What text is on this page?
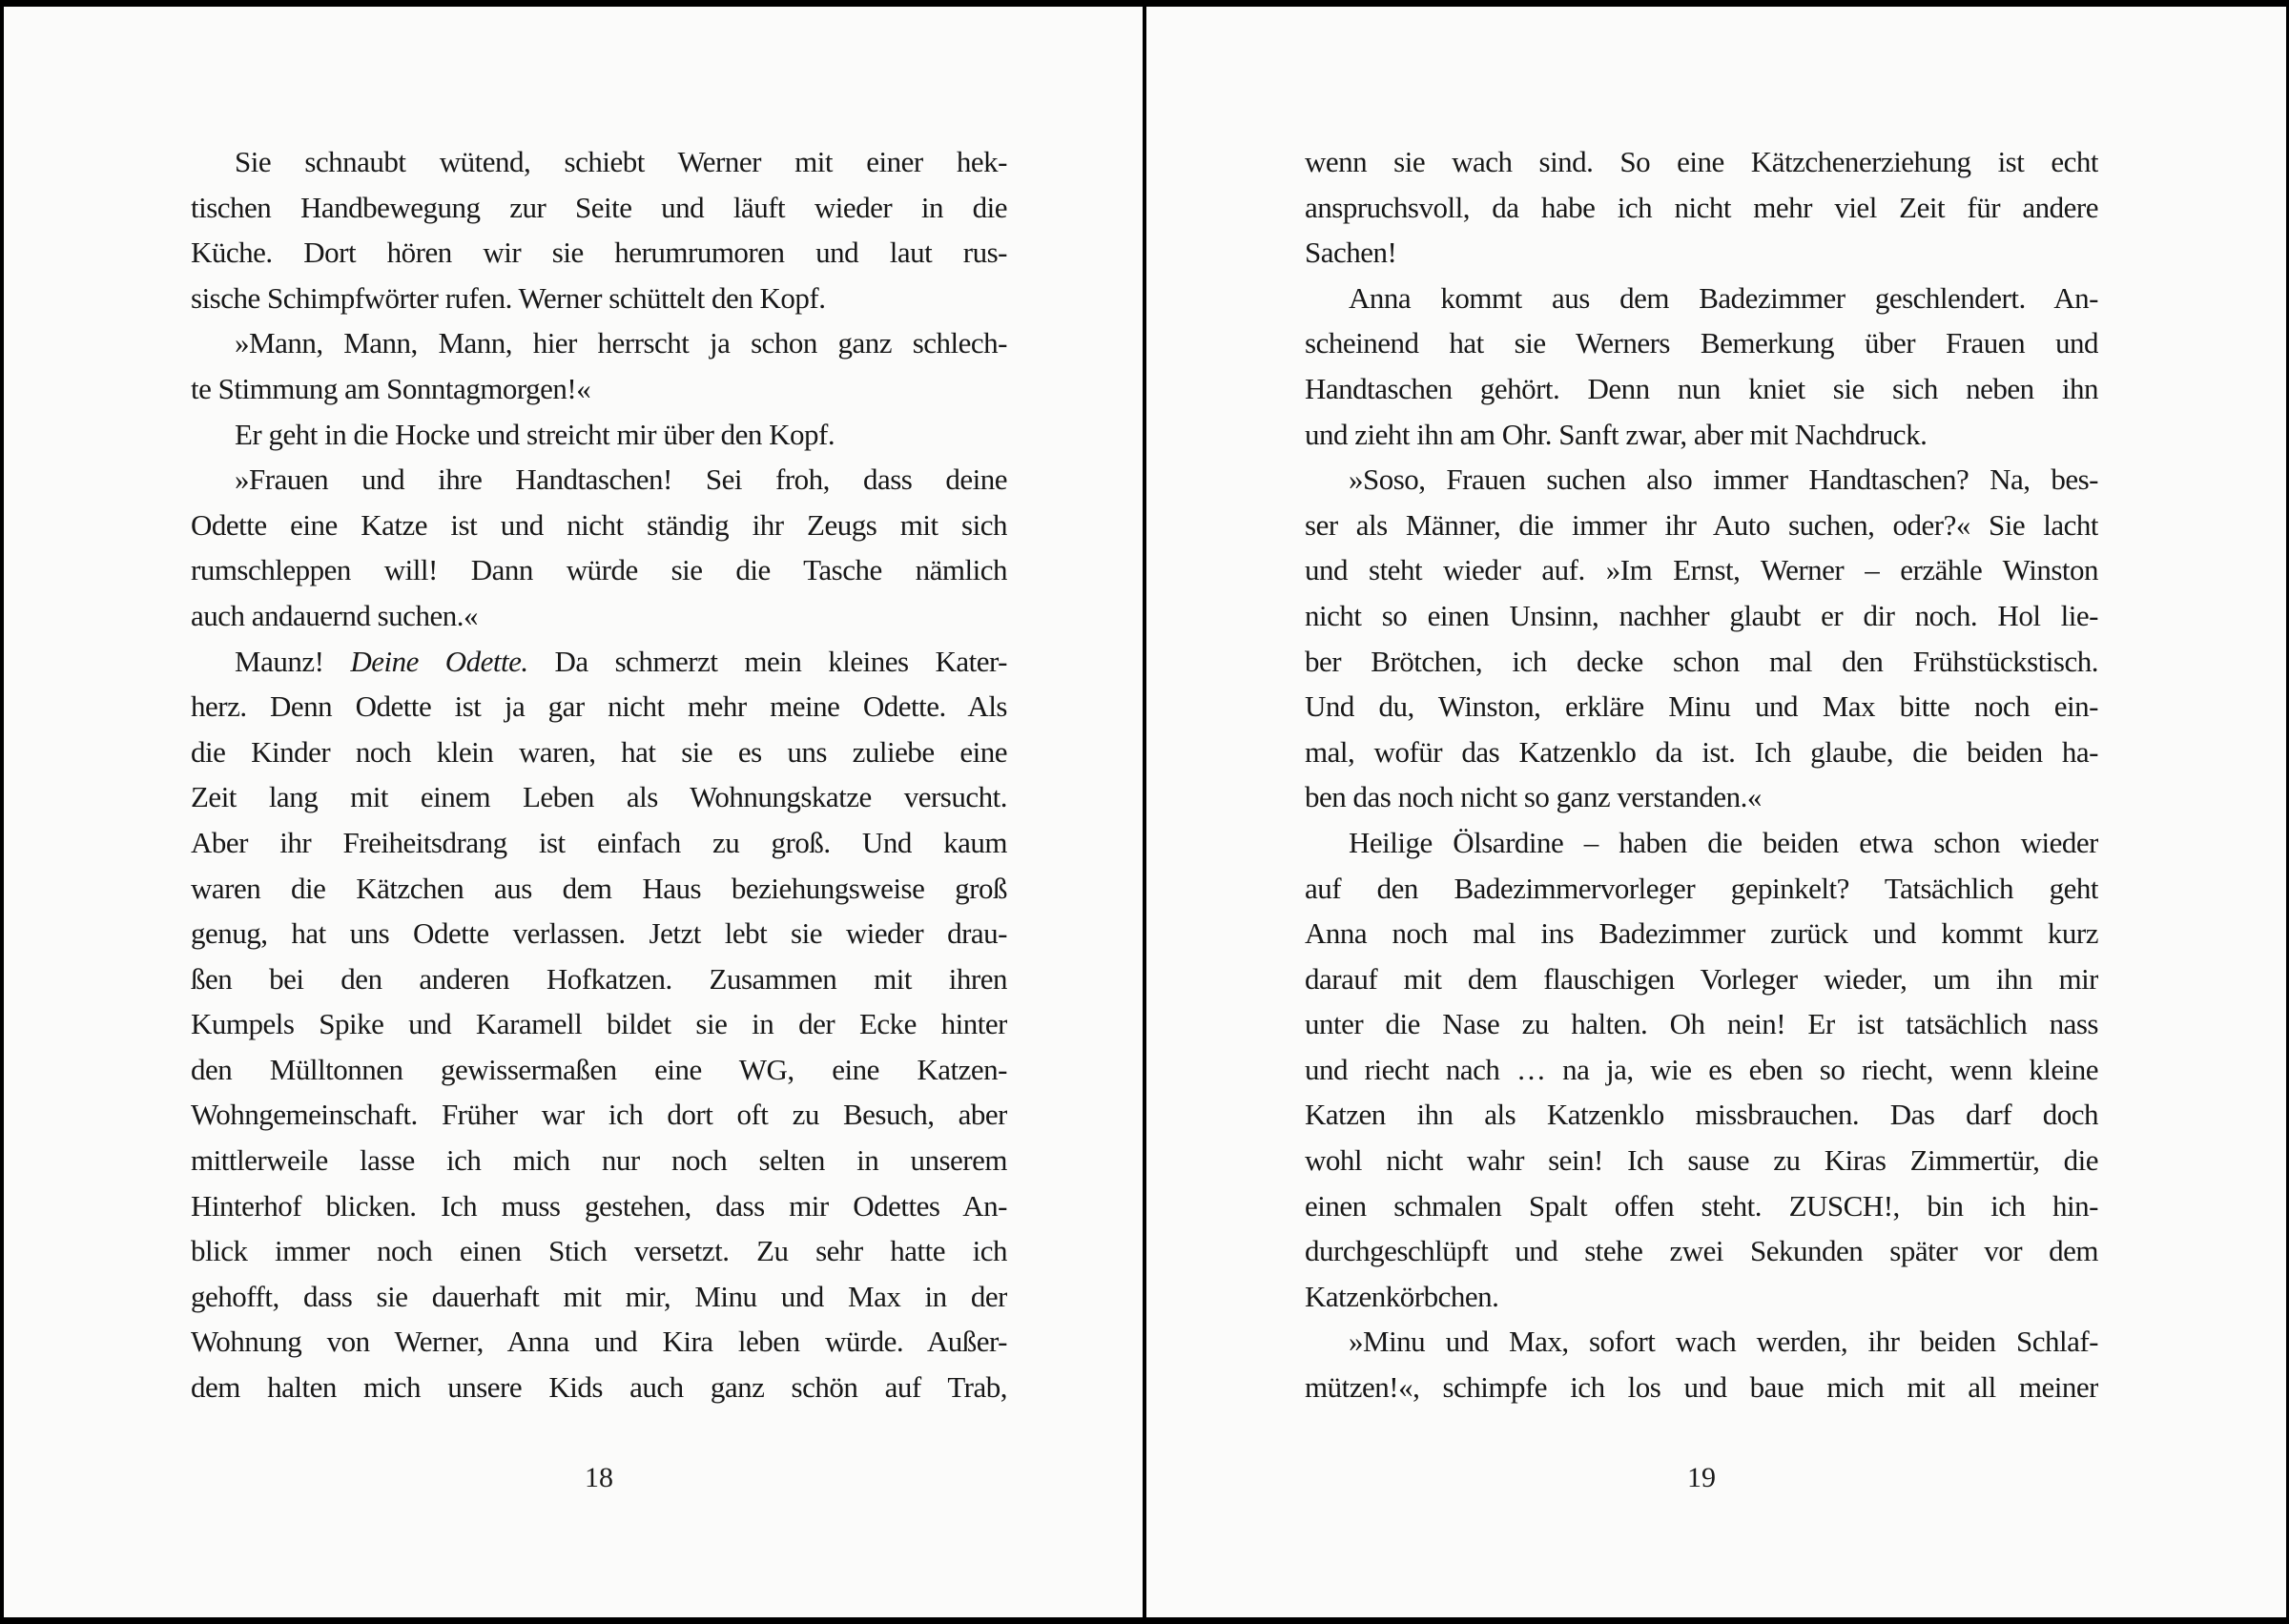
Sie schnaubt wütend, schiebt Werner mit einer hek-
tischen Handbewegung zur Seite und läuft wieder in die
Küche. Dort hören wir sie herumrumoren und laut rus-
sische Schimpfwörter rufen. Werner schüttelt den Kopf.
»Mann, Mann, Mann, hier herrscht ja schon ganz schlech-
te Stimmung am Sonntagmorgen!«
Er geht in die Hocke und streicht mir über den Kopf.
»Frauen und ihre Handtaschen! Sei froh, dass deine
Odette eine Katze ist und nicht ständig ihr Zeugs mit sich
rumschleppen will! Dann würde sie die Tasche nämlich
auch andauernd suchen.«
Maunz! Deine Odette. Da schmerzt mein kleines Kater-
herz. Denn Odette ist ja gar nicht mehr meine Odette. Als
die Kinder noch klein waren, hat sie es uns zuliebe eine
Zeit lang mit einem Leben als Wohnungskatze versucht.
Aber ihr Freiheitsdrang ist einfach zu groß. Und kaum
waren die Kätzchen aus dem Haus beziehungsweise groß
genug, hat uns Odette verlassen. Jetzt lebt sie wieder drau-
ßen bei den anderen Hofkatzen. Zusammen mit ihren
Kumpels Spike und Karamell bildet sie in der Ecke hinter
den Mülltonnen gewissermaßen eine WG, eine Katzen-
Wohngemeinschaft. Früher war ich dort oft zu Besuch, aber
mittlerweile lasse ich mich nur noch selten in unserem
Hinterhof blicken. Ich muss gestehen, dass mir Odettes An-
blick immer noch einen Stich versetzt. Zu sehr hatte ich
gehofft, dass sie dauerhaft mit mir, Minu und Max in der
Wohnung von Werner, Anna und Kira leben würde. Außer-
dem halten mich unsere Kids auch ganz schön auf Trab,
18
wenn sie wach sind. So eine Kätzchenerziehung ist echt
anspruchsvoll, da habe ich nicht mehr viel Zeit für andere
Sachen!
Anna kommt aus dem Badezimmer geschlendert. An-
scheinend hat sie Werners Bemerkung über Frauen und
Handtaschen gehört. Denn nun kniet sie sich neben ihn
und zieht ihn am Ohr. Sanft zwar, aber mit Nachdruck.
»Soso, Frauen suchen also immer Handtaschen? Na, bes-
ser als Männer, die immer ihr Auto suchen, oder?« Sie lacht
und steht wieder auf. »Im Ernst, Werner – erzähle Winston
nicht so einen Unsinn, nachher glaubt er dir noch. Hol lie-
ber Brötchen, ich decke schon mal den Frühstückstisch.
Und du, Winston, erkläre Minu und Max bitte noch ein-
mal, wofür das Katzenklo da ist. Ich glaube, die beiden ha-
ben das noch nicht so ganz verstanden.«
Heilige Ölsardine – haben die beiden etwa schon wieder
auf den Badezimmervorleger gepinkelt? Tatsächlich geht
Anna noch mal ins Badezimmer zurück und kommt kurz
darauf mit dem flauschigen Vorleger wieder, um ihn mir
unter die Nase zu halten. Oh nein! Er ist tatsächlich nass
und riecht nach … na ja, wie es eben so riecht, wenn kleine
Katzen ihn als Katzenklo missbrauchen. Das darf doch
wohl nicht wahr sein! Ich sause zu Kiras Zimmertür, die
einen schmalen Spalt offen steht. ZUSCH!, bin ich hin-
durchgeschlüpft und stehe zwei Sekunden später vor dem
Katzenkörbchen.
»Minu und Max, sofort wach werden, ihr beiden Schlaf-
mützen!«, schimpfe ich los und baue mich mit all meiner
19
